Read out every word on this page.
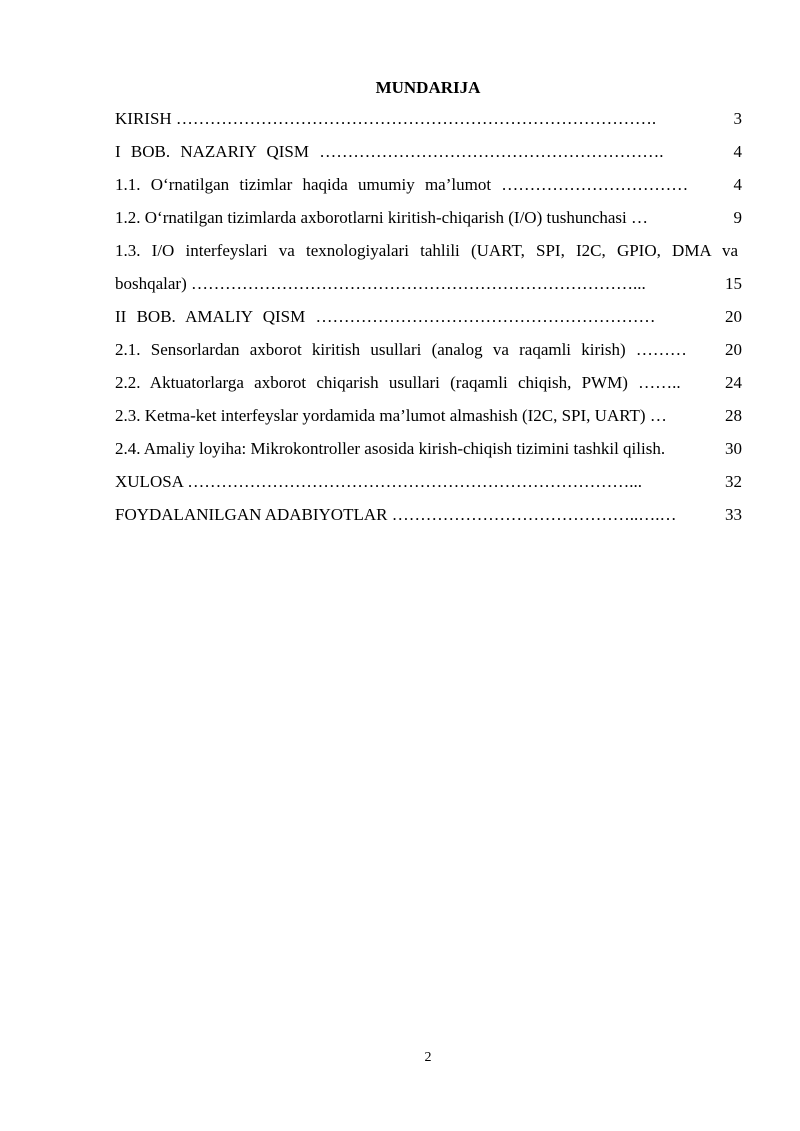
MUNDARIJA
KIRISH ………………………………………………………………………….	3
I BOB. NAZARIY QISM …………………………………………………….	4
1.1. O‘rnatilgan tizimlar haqida umumiy ma’lumot ……………………………	4
1.2. O‘rnatilgan tizimlarda axborotlarni kiritish-chiqarish (I/O) tushunchasi …	9
1.3. I/O interfeyslari va texnologiyalari tahlili (UART, SPI, I2C, GPIO, DMA va
boshqalar) ……………………………………………………………………...	15
II BOB. AMALIY QISM ……………………………………………………	20
2.1. Sensorlardan axborot kiritish usullari (analog va raqamli kirish) ………	20
2.2. Aktuatorlarga axborot chiqarish usullari (raqamli chiqish, PWM) ……..	24
2.3. Ketma-ket interfeyslar yordamida ma’lumot almashish (I2C, SPI, UART) …	28
2.4. Amaliy loyiha: Mikrokontroller asosida kirish-chiqish tizimini tashkil qilish.	30
XULOSA ……………………………………………………………………...	32
FOYDALANILGAN ADABIYOTLAR ……………………………………..….…	33
2
